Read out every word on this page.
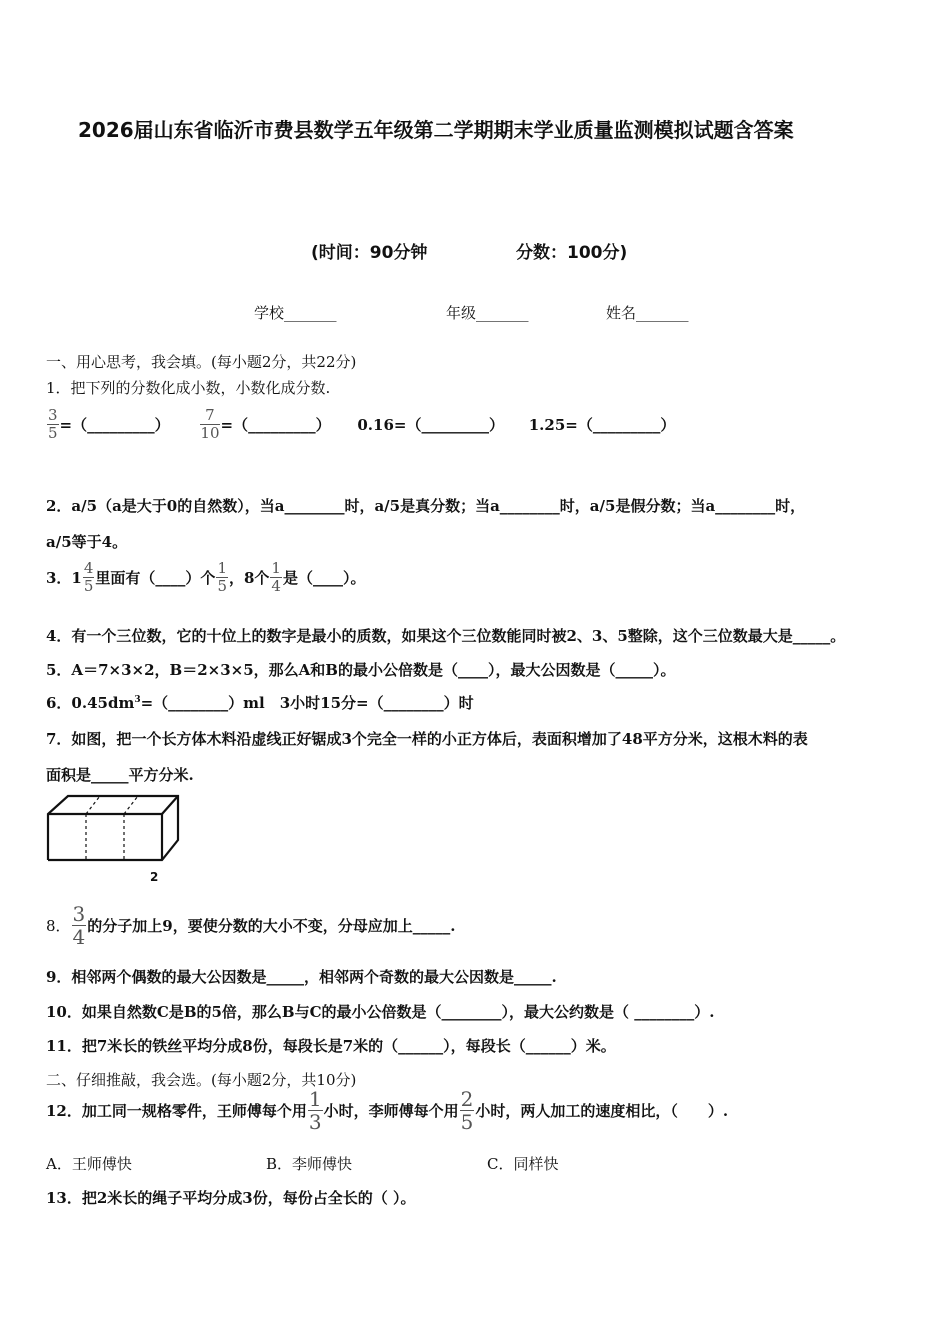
2026届山东省临沂市费县数学五年级第二学期期末学业质量监测模拟试题含答案
(时间：90分钟	分数：100分)
学校_______	年级_______	姓名_______
一、用心思考，我会填。(每小题2分，共22分)
1．把下列的分数化成小数，小数化成分数.
$\frac{3}{5}$ =（_________） $\frac{7}{10}$ =（_________） 0.16=（_________） 1.25=（_________）
2．a/5（a是大于0的自然数），当a________时，a/5是真分数；当a________时，a/5是假分数；当a________时，
a/5等于4。
3．$1 \frac{4}{5}$ 里面有（____）个 $\frac{1}{5}$ ，8个 $\frac{1}{4}$ 是（____）。
4．有一个三位数，它的十位上的数字是最小的质数，如果这个三位数能同时被2、3、5整除，这个三位数最大是_____。
5．A＝7×3×2，B＝2×3×5，那么A和B的最小公倍数是（____），最大公因数是（_____）。
6．$0.45dm^3=(\_\_\_\_\_\_\_\_)ml$　3小时15分=（________）时
7．如图，把一个长方体木料沿虚线正好锯成3个完全一样的小正方体后，表面积增加了48平方分米，这根木料的表
面积是_____平方分米.
2
8． $\frac{3}{4}$ 的分子加上9，要使分数的大小不变，分母应加上_____.
9．相邻两个偶数的最大公因数是_____，相邻两个奇数的最大公因数是_____.
10．如果自然数C是B的5倍，那么B与C的最小公倍数是（________），最大公约数是（ ________）.
11．把7米长的铁丝平均分成8份，每段长是7米的（______），每段长（______）米。
二、仔细推敲，我会选。(每小题2分，共10分)
12．加工同一规格零件，王师傅每个用 $\frac{1}{3}$ 小时，李师傅每个用 $\frac{2}{5}$ 小时，两人加工的速度相比，（　　）.
A．王师傅快	B．李师傅快	C．同样快
13．把2米长的绳子平均分成3份，每份占全长的（ ）。
